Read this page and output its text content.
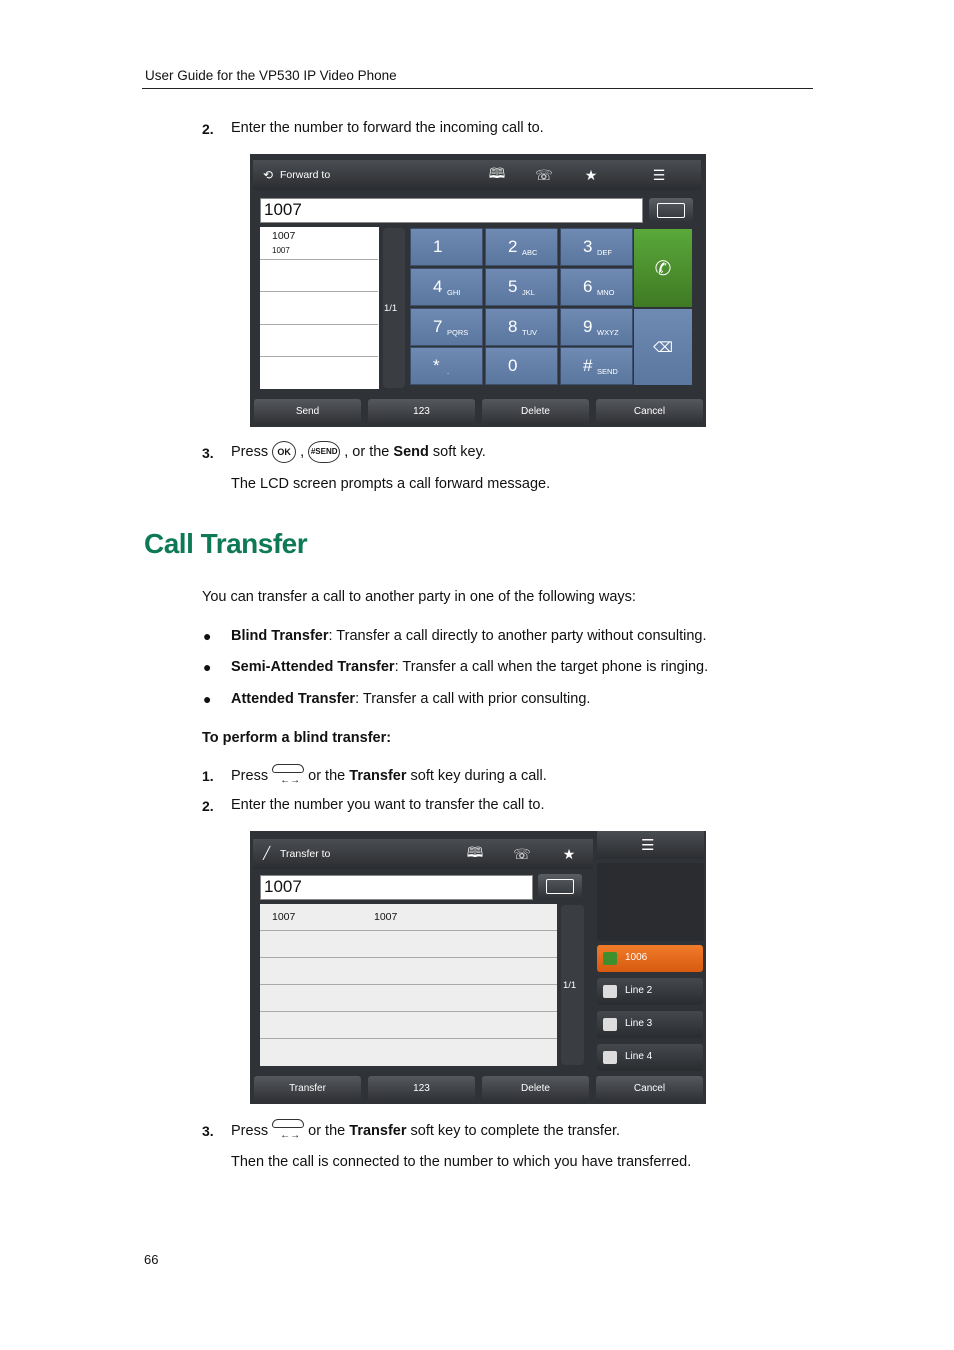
User Guide for the VP530 IP Video Phone
2. Enter the number to forward the incoming call to.
⟲ Forward to	🕮	☏	★	☰
1007
1007
1007
1/1
1	2 ABC	3 DEF
4 GHI	5 JKL	6 MNO
7 PQRS 8 TUV	9 WXYZ
* .	0	# SEND
✆
⌫
Send	123	Delete	Cancel
3. Press OK , #SEND , or the Send soft key.
The LCD screen prompts a call forward message.
Call Transfer
You can transfer a call to another party in one of the following ways:
● Blind Transfer: Transfer a call directly to another party without consulting.
● Semi-Attended Transfer: Transfer a call when the target phone is ringing.
● Attended Transfer: Transfer a call with prior consulting.
To perform a blind transfer:
1. Press ←→ or the Transfer soft key during a call.
2. Enter the number you want to transfer the call to.
╱ Transfer to	🕮	☏	★
1007
1007	1007
1/1
☰
1006
Line 2
Line 3
Line 4
Transfer	123	Delete	Cancel
3. Press ←→ or the Transfer soft key to complete the transfer.
Then the call is connected to the number to which you have transferred.
66
